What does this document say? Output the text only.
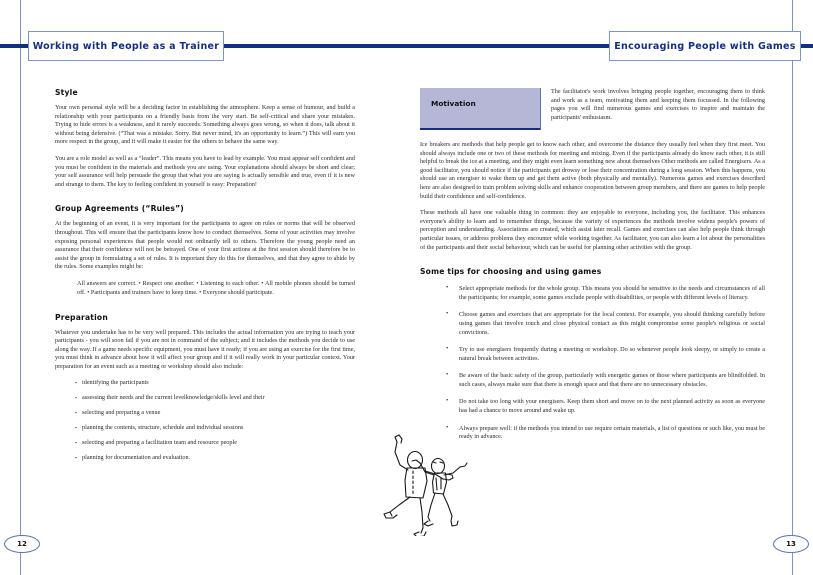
Working with People as a Trainer	Encouraging People with Games
Style

Your own personal style will be a deciding factor in establishing the atmosphere. Keep a sense of humour, and build a relationship with your participants on a friendly basis from the very start. Be self-critical and share your mistakes. Trying to hide errors is a weakness, and it rarely succeeds. Something always goes wrong, so when it does, talk about it without being defensive. (“That was a mistake. Sorry. But never mind, it's an opportunity to learn.”) This will earn you more respect in the group, and it will make it easier for the others to behave the same way.

You are a role model as well as a “leader”. This means you have to lead by example. You must appear self confident and you must be confident in the materials and methods you are using. Your explanations should always be short and clear; your self assurance will help persuade the group that what you are saying is actually sensible and true, even if it is new and strange to them. The key to feeling confident in yourself is easy: Preparation!

Group Agreements (“Rules”)

At the beginning of an event, it is very important for the participants to agree on rules or norms that will be observed throughout. This will ensure that the participants know how to conduct themselves. Some of your activities may involve exposing personal experiences that people would not ordinarily tell to others. Therefore the young people need an assurance that their confidence will not be betrayed. One of your first actions at the first session should therefore be to assist the group in formulating a set of rules. It is important they do this for themselves, and that they agree to abide by the rules. Some examples might be:

All answers are correct. • Respect one another. • Listening to each other. • All mobile phones should be turned off. • Participants and trainers have to keep time. • Everyone should participate.

Preparation

Whatever you undertake has to be very well prepared. This includes the actual information you are trying to teach your participants - you will soon fail if you are not in command of the subject; and it includes the methods you decide to use along the way. If a game needs specific equipment, you must have it ready; if you are using an exercise for the first time, you must think in advance about how it will affect your group and if it will really work in your particular context. Your preparation for an event such as a meeting or workshop should also include:

▪ identifying the participants
▪ assessing their needs and the current levelknowledge/skills level and their
▪ selecting and preparing a venue
▪ planning the contents, structure, schedule and individual sessions
▪ selecting and preparing a facilitation team and resource people
▪ planning for documentation and evaluation.
Motivation

The facilitator's work involves bringing people together, encouraging them to think and work as a team, motivating them and keeping them focussed. In the following pages you will find numerous games and exercises to inspire and maintain the participants' enthusiasm.

Ice breakers are methods that help people get to know each other, and overcome the distance they usually feel when they first meet. You should always include one or two of these methods for meeting and mixing. Even if the participants already do know each other, it is still helpful to break the ice at a meeting, and they might even learn something new about themselves Other methods are called Energisers. As a good facilitator, you should notice if the participants get drowsy or lose their concentration during a long session. When this happens, you should use an energiser to wake them up and get them active (both physically and mentally). Numerous games and exercises described here are also designed to train problem solving skills and enhance cooperation between group members, and there are games to help people build their confidence and self-confidence.

These methods all have one valuable thing in common: they are enjoyable to everyone, including you, the facilitator. This enhances everyone's ability to learn and to remember things, because the variety of experiences the methods involve widens people's powers of perception and understanding. Associations are created, which assist later recall. Games and exercises can also help people think through particular issues, or address problems they encounter while working together. As facilitator, you can also learn a lot about the personalities of the participants and their social behaviour, which can be useful for planning other activities with the group.

Some tips for choosing and using games
• Select appropriate methods for the whole group. This means you should be sensitive to the needs and circumstances of all the participants; for example, some games exclude people with disabilities, or people with different levels of literacy.
• Choose games and exercises that are appropriate for the local context. For example, you should thinking carefully before using games that involve touch and close physical contact as this might compromise some people's religious or social convictions.
• Try to use energisers frequently during a meeting or workshop. Do so whenever people look sleepy, or simply to create a natural break between activities.
• Be aware of the basic safety of the group, particularly with energetic games or those where participants are blindfolded. In such cases, always make sure that there is enough space and that there are no unnecessary obstacles.
• Do not take too long with your energisers. Keep them short and move on to the next planned activity as soon as everyone has had a chance to move around and wake up.
• Always prepare well: if the methods you intend to use require certain materials, a list of questions or such like, you must be ready in advance.
12	13
